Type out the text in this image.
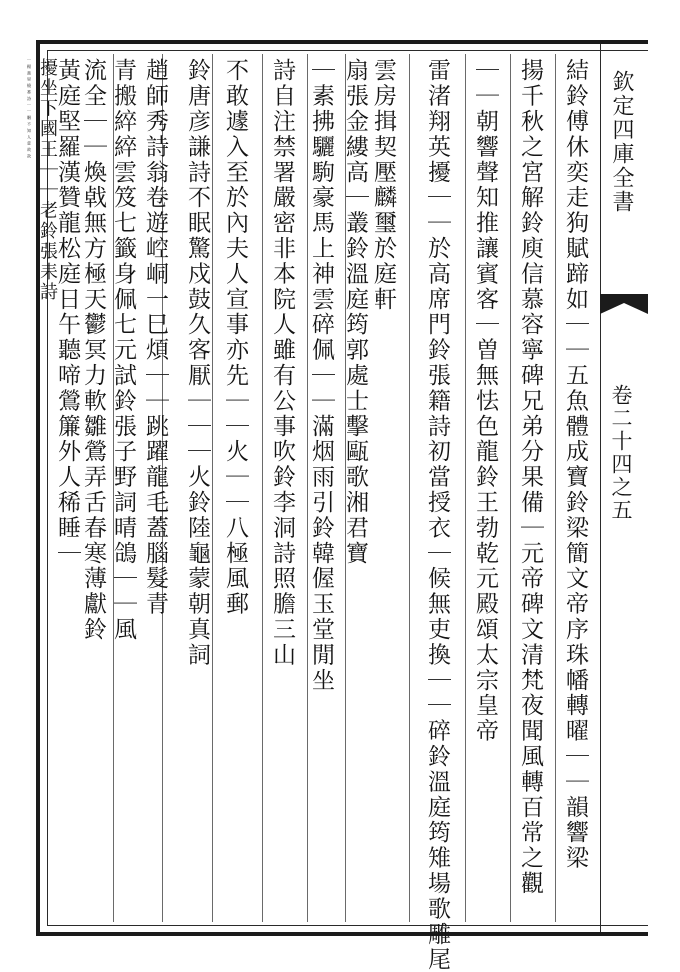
欽定四庫全書
卷二十四之五
結鈴傅休奕走狗賦蹄如｜｜五魚體成寶鈴梁簡文帝序珠幡轉曜｜｜韻響梁
揚千秋之宮解鈴庾信慕容寧碑兄弟分果備｜元帝碑文清梵夜聞風轉百常之觀
｜｜朝響聲知推讓賓客｜曽無怯色龍鈴王勃乾元殿頌太宗皇帝
雷渚翔英擾｜｜於高席門鈴張籍詩初當授衣｜候無吏換｜｜碎鈴溫庭筠雉場歌雕尾
雲房揖契壓麟璽於庭軒
扇張金縷高｜叢鈴溫庭筠郭處士擊甌歌湘君寶
｜素拂驪駒豪馬上神雲碎佩｜｜滿烟雨引鈴韓偓玉堂閒坐
詩自注禁署嚴密非本院人雖有公事吹鈴李洞詩照膽三山
不敢遽入至於內夫人宣事亦先｜｜火｜｜八極風郵
鈴唐彦謙詩不眠驚戍鼓久客厭｜｜｜火鈴陸龜蒙朝真詞
趙師秀詩翁卷遊崆峒一巳煩｜｜跳躍龍毛蓋腦髮青
青搬綷綷雲笈七籤身佩七元試鈴張子野詞晴鴿｜｜風
流全｜｜煥㦸無方極天鬱冥力軟雛鶯弄舌春寒薄獻鈴
黃庭堅羅漢贊龍松庭日午聽啼鶯簾外人稀睡｜
擾坐下國王｜｜老鈴張耒詩
｜楊萬里燒香詩｜｜睏不知人意故故
